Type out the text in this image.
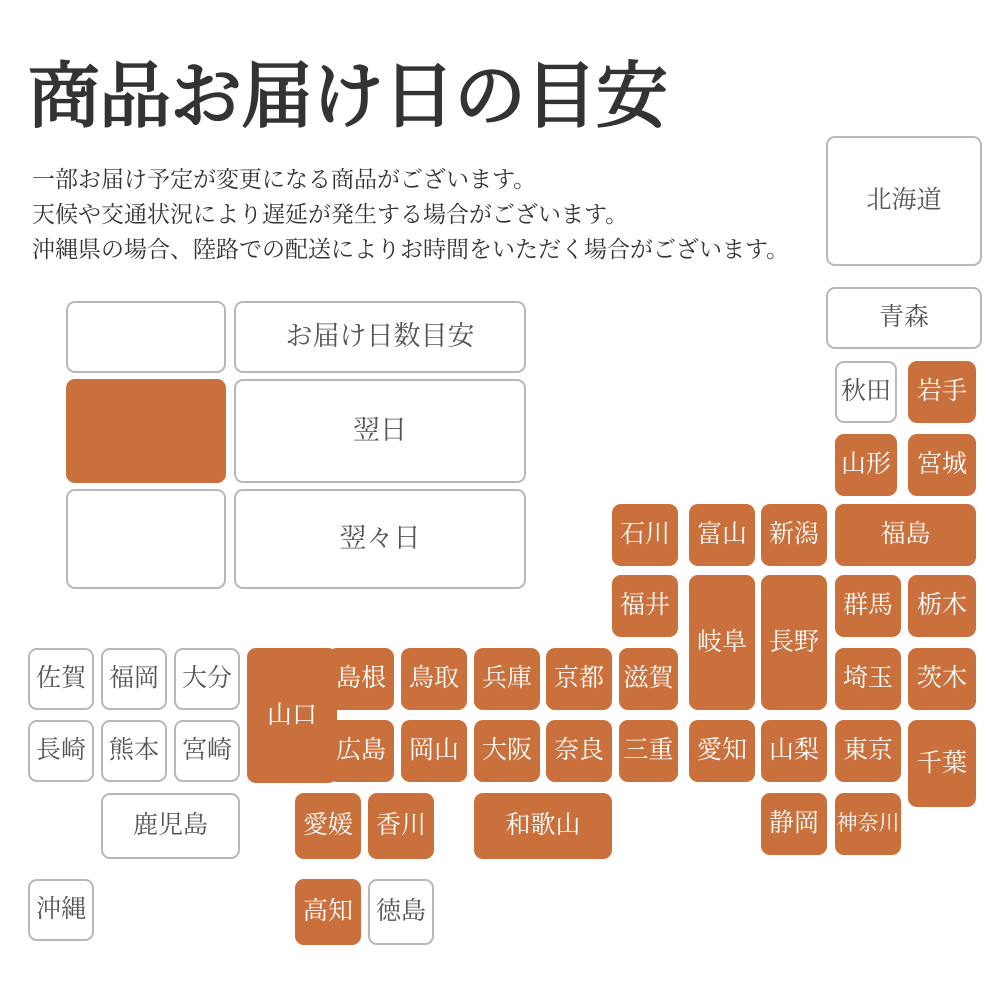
商品お届け日の目安
一部お届け予定が変更になる商品がございます。
天候や交通状況により遅延が発生する場合がございます。
沖縄県の場合、陸路での配送によりお時間をいただく場合がございます。
お届け日数目安
翌日
翌々日
北海道
青森
秋田	岩手
山形	宮城
石川	富山 新潟	福島
福井
岐阜 長野
群馬 栃木
佐賀 福岡 大分
山口
島根 鳥取 兵庫 京都 滋賀	埼玉 茨木
長崎 熊本 宮崎	広島 岡山 大阪 奈良 三重 愛知 山梨 東京 千葉
鹿児島	愛媛 香川	和歌山	静岡 神奈川
沖縄	高知 徳島
